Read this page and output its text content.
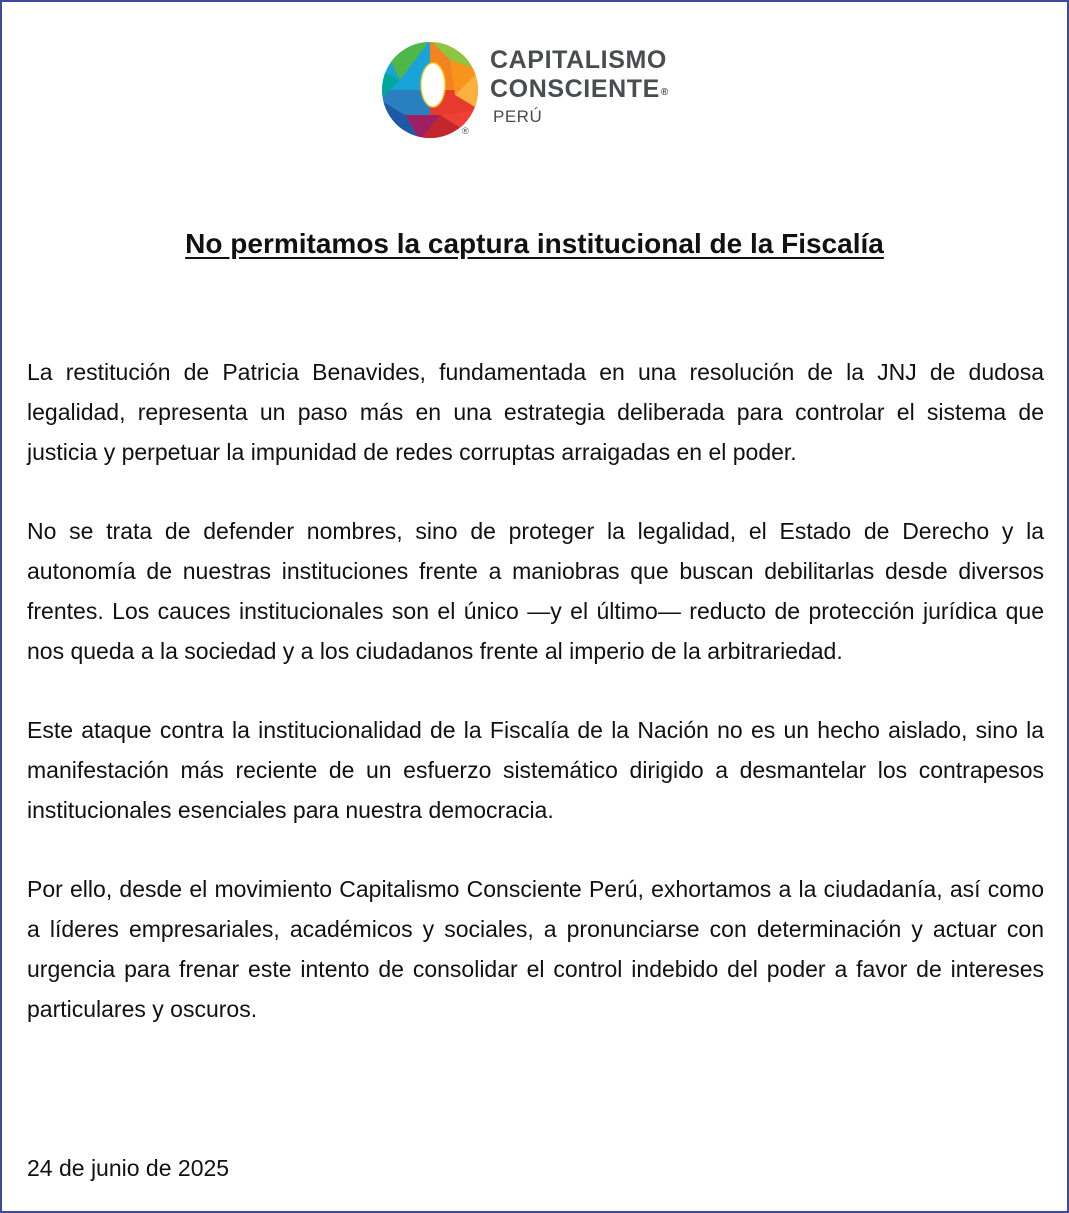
®
CAPITALISMO
CONSCIENTE®
PERÚ
No permitamos la captura institucional de la Fiscalía

La restitución de Patricia Benavides, fundamentada en una resolución de la JNJ de dudosa legalidad, representa un paso más en una estrategia deliberada para controlar el sistema de justicia y perpetuar la impunidad de redes corruptas arraigadas en el poder.

No se trata de defender nombres, sino de proteger la legalidad, el Estado de Derecho y la autonomía de nuestras instituciones frente a maniobras que buscan debilitarlas desde diversos frentes. Los cauces institucionales son el único —y el último— reducto de protección jurídica que nos queda a la sociedad y a los ciudadanos frente al imperio de la arbitrariedad.

Este ataque contra la institucionalidad de la Fiscalía de la Nación no es un hecho aislado, sino la manifestación más reciente de un esfuerzo sistemático dirigido a desmantelar los contrapesos institucionales esenciales para nuestra democracia.

Por ello, desde el movimiento Capitalismo Consciente Perú, exhortamos a la ciudadanía, así como a líderes empresariales, académicos y sociales, a pronunciarse con determinación y actuar con urgencia para frenar este intento de consolidar el control indebido del poder a favor de intereses particulares y oscuros.

24 de junio de 2025
